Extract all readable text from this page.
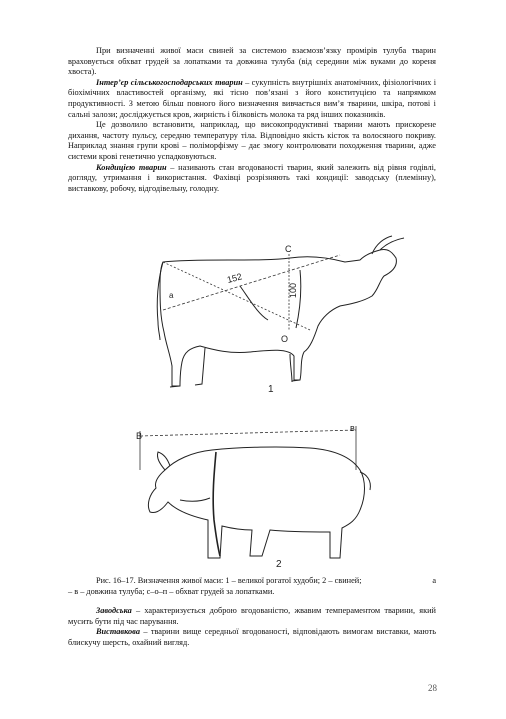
При визначенні живої маси свиней за системою взаємозв’язку промірів тулуба тварин враховується обхват грудей за лопатками та довжина тулуба (від середини між вуками до кореня хвоста).

Інтер’єр сільськогосподарських тварин – сукупність внутрішніх анатомічних, фізіологічних і біохімічних властивостей організму, які тісно пов’язані з його конституцією та напрямком продуктивності. З метою більш повного його визначення вивчається вим’я тварини, шкіра, потові і сальні залози; досліджується кров, жирність і білковість молока та ряд інших показників.

Це дозволило встановити, наприклад, що високопродуктивні тварини мають прискорене дихання, частоту пульсу, середню температуру тіла. Відповідно якість кісток та волосяного покриву. Наприклад знання групи крові – поліморфізму – дає змогу контролювати походження тварини, адже системи крові генетично успадковуються.

Кондицією тварин – називають стан вгодованості тварин, який залежить від рівня годівлі, догляду, утримання і використання. Фахівці розрізняють такі кондиції: заводську (племінну), виставкову, робочу, відгодівельну, голодну.

С
О
а
152
100
1
В
в
2
Рис. 16–17. Визначення живої маси: 1 – великої рогатої худоби; 2 – свиней;	а
– в – довжина тулуба; с–о–п – обхват грудей за лопатками.

Заводська – характеризується доброю вгодованістю, жвавим темпераментом тварини, який мусить бути під час парування.

Виставкова – тварини вище середньої вгодованості, відповідають вимогам виставки, мають блискучу шерсть, охайний вигляд.

28
